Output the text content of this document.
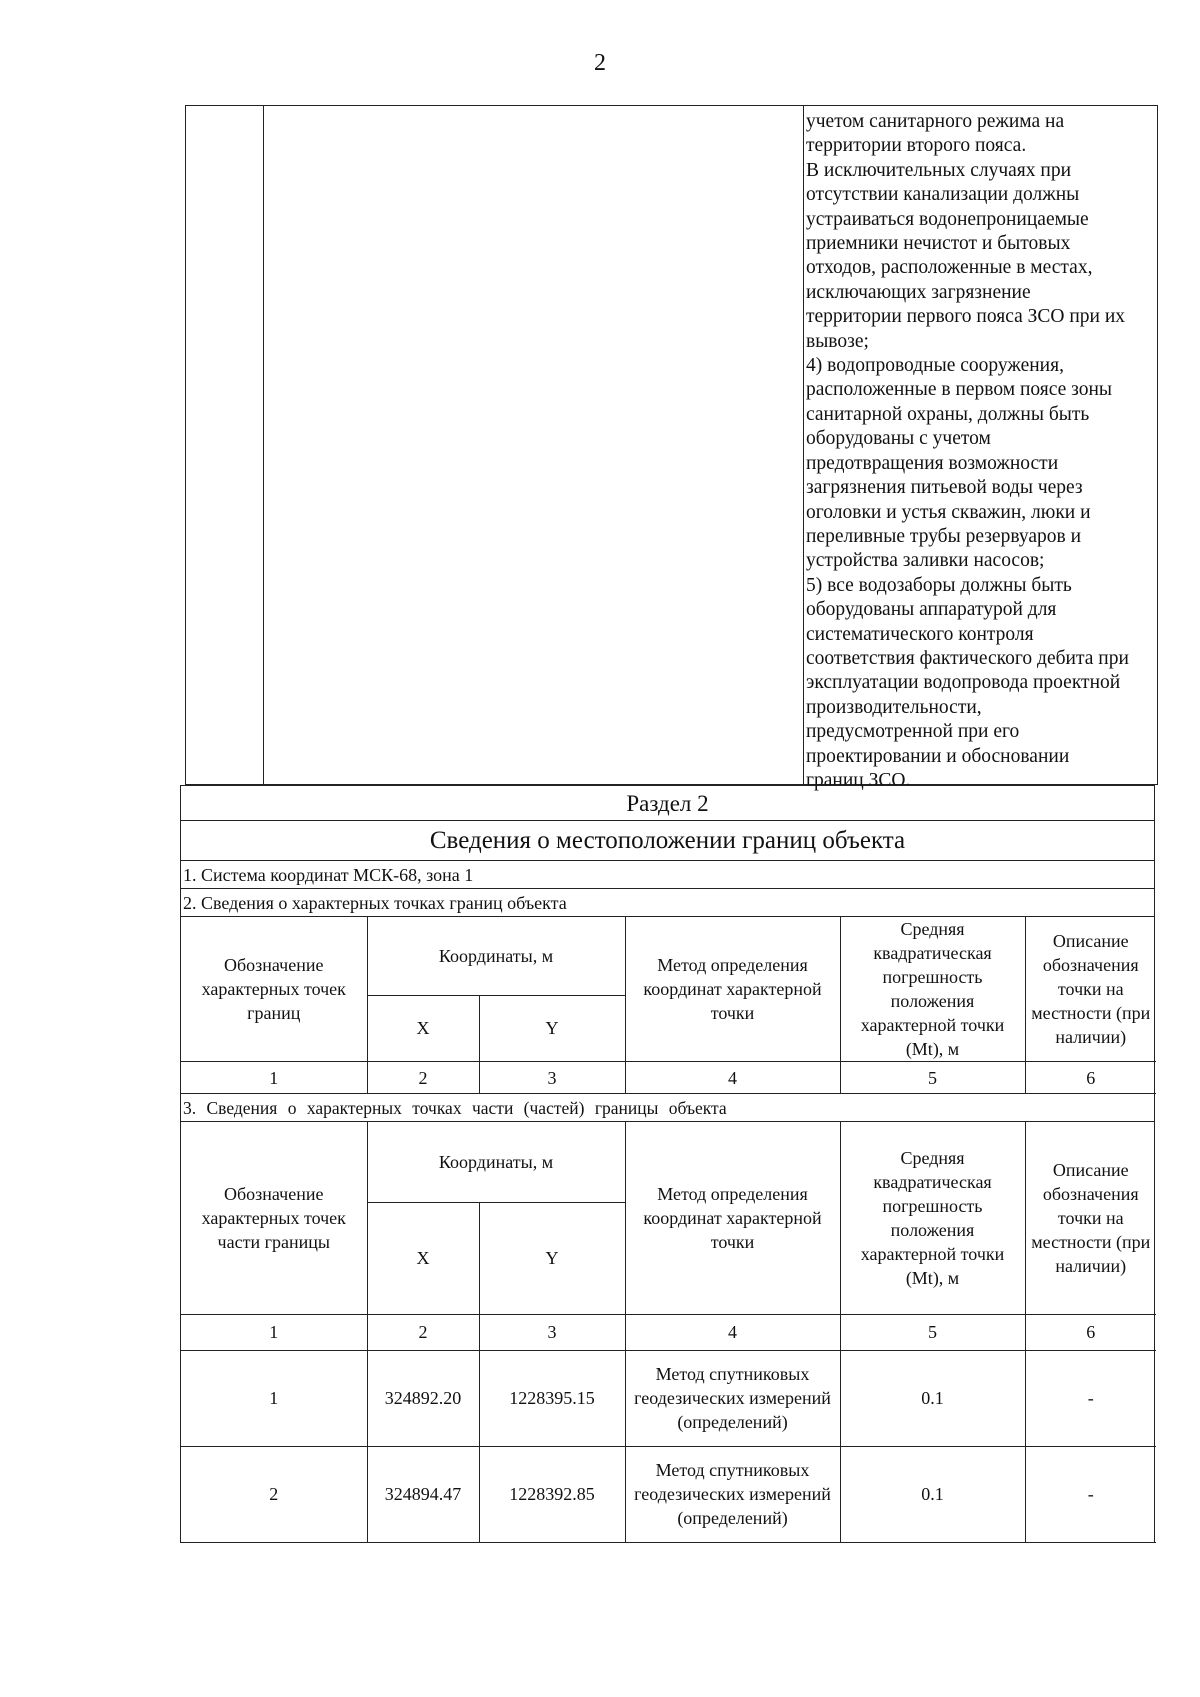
2

учетом санитарного режима на

территории второго пояса.

В исключительных случаях при

отсутствии канализации должны

устраиваться водонепроницаемые

приемники нечистот и бытовых

отходов, расположенные в местах,

исключающих загрязнение

территории первого пояса ЗСО при их

вывозе;

4) водопроводные сооружения,

расположенные в первом поясе зоны

санитарной охраны, должны быть

оборудованы с учетом

предотвращения возможности

загрязнения питьевой воды через

оголовки и устья скважин, люки и

переливные трубы резервуаров и

устройства заливки насосов;

5) все водозаборы должны быть

оборудованы аппаратурой для

систематического контроля

соответствия фактического дебита при

эксплуатации водопровода проектной

производительности,

предусмотренной при его

проектировании и обосновании

границ ЗСО.

Раздел 2
Сведения о местоположении границ объекта
1. Система координат МСК-68, зона 1
2. Сведения о характерных точках границ объекта
Обозначение характерных точек границ	Координаты, м		Метод определения координат характерной точки	Средняя квадратическая погрешность положения характерной точки (Mt), м	Описание обозначения точки на местности (при наличии)
	X	Y			
1	2	3	4	5	6
3. Сведения о характерных точках части (частей) границы объекта
Обозначение характерных точек части границы	Координаты, м		Метод определения координат характерной точки	Средняя квадратическая погрешность положения характерной точки (Mt), м	Описание обозначения точки на местности (при наличии)
	X	Y			
1	2	3	4	5	6
1	324892.20	1228395.15	Метод спутниковых геодезических измерений (определений)	0.1	-
2	324894.47	1228392.85	Метод спутниковых геодезических измерений (определений)	0.1	-
